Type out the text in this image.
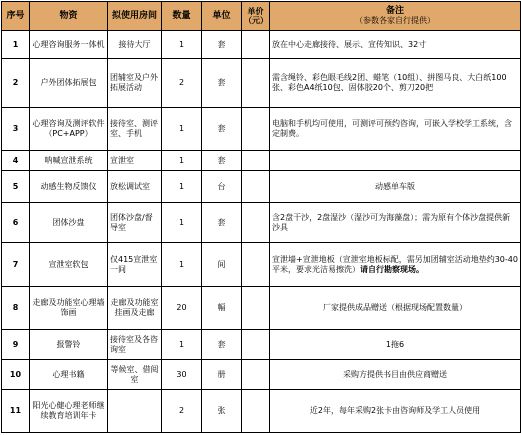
序号	物资	拟使用房间	数量	单位	单价（元）	备注
（参数各家自行提供）

1	心理咨询服务一体机	接待大厅	1	套		放在中心走廊接待、展示、宣传知识、32寸
2	户外团体拓展包	团辅室及户外拓展活动	2	套		需含绳铃、彩色眼毛线2团、蜡笔（10组）、拼图马良、大白纸100张、彩色A4纸10包、固体胶20个、剪刀20把
3	心理咨询及测评软件（PC+APP）	接待室、测评室、手机	1	套		电脑和手机均可使用，可测评可预约咨询，可嵌入学校学工系统，含定制费。
4	呐喊宣泄系统	宣泄室	1	套		
5	动感生物反馈仪	放松调试室	1	台		动感单车版
6	团体沙盘	团体沙盘/督导室	1	套		含2盘干沙，2盘湿沙（湿沙可为海藻盘）；需为原有个体沙盘提供新沙具
7	宣泄室软包	仅415宣泄室一间	1	间		宣泄墙+宣泄地板（宣泄室地板标配，需另加团辅室活动地垫约30-40平米，要求光洁易擦洗）请自行勘察现场。
8	走廊及功能室心理墙饰画	走廊及功能室挂画及走廊	20	幅		厂家提供成品赠送（根据现场配置数量）
9	报警铃	接待室及各咨询室	1	套		1拖6
10	心理书籍	等候室、借阅室	30	册		采购方提供书目由供应商赠送
11	阳光心健心理老师继续教育培训年卡		2	张		近2年，每年采购2张卡由咨询师及学工人员使用
